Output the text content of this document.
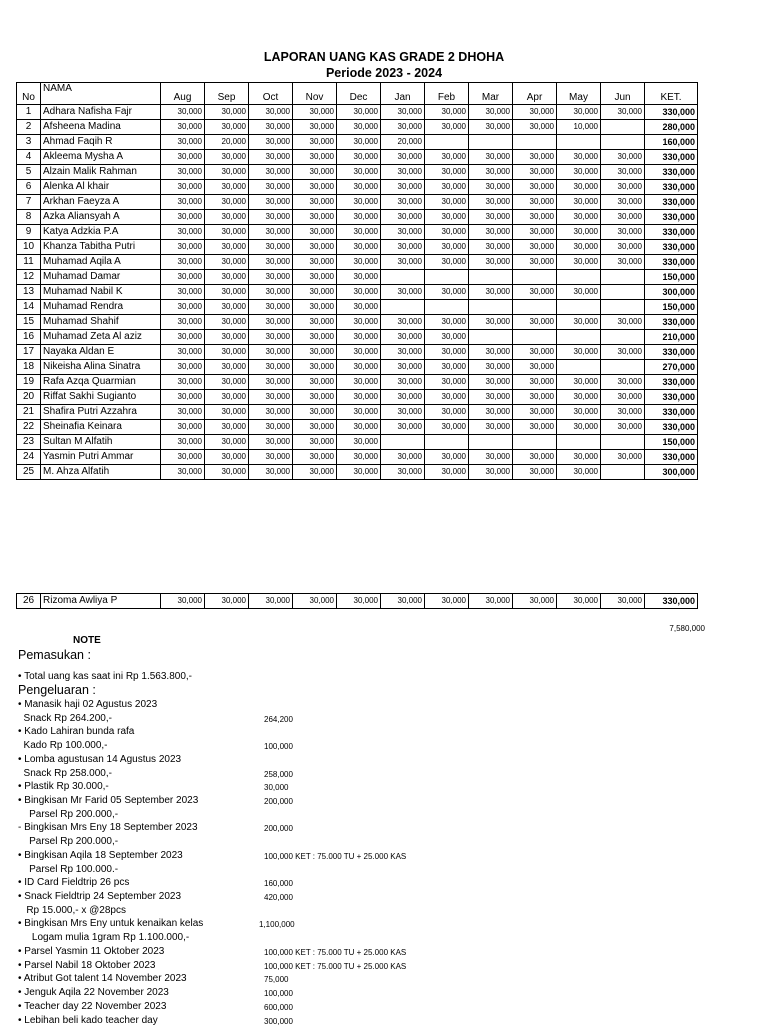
LAPORAN UANG KAS GRADE 2 DHOHA
Periode 2023 - 2024
No	NAMA	Aug	Sep	Oct	Nov	Dec	Jan	Feb	Mar	Apr	May	Jun	KET.
1	Adhara Nafisha Fajr	30,000	30,000	30,000	30,000	30,000	30,000	30,000	30,000	30,000	30,000	30,000	330,000
2	Afsheena Madina	30,000	30,000	30,000	30,000	30,000	30,000	30,000	30,000	30,000	10,000		280,000
3	Ahmad Faqih R	30,000	20,000	30,000	30,000	30,000	20,000						160,000
4	Akleema Mysha A	30,000	30,000	30,000	30,000	30,000	30,000	30,000	30,000	30,000	30,000	30,000	330,000
5	Alzain Malik Rahman	30,000	30,000	30,000	30,000	30,000	30,000	30,000	30,000	30,000	30,000	30,000	330,000
6	Alenka Al khair	30,000	30,000	30,000	30,000	30,000	30,000	30,000	30,000	30,000	30,000	30,000	330,000
7	Arkhan Faeyza A	30,000	30,000	30,000	30,000	30,000	30,000	30,000	30,000	30,000	30,000	30,000	330,000
8	Azka Aliansyah A	30,000	30,000	30,000	30,000	30,000	30,000	30,000	30,000	30,000	30,000	30,000	330,000
9	Katya Adzkia P.A	30,000	30,000	30,000	30,000	30,000	30,000	30,000	30,000	30,000	30,000	30,000	330,000
10	Khanza Tabitha Putri	30,000	30,000	30,000	30,000	30,000	30,000	30,000	30,000	30,000	30,000	30,000	330,000
11	Muhamad Aqila A	30,000	30,000	30,000	30,000	30,000	30,000	30,000	30,000	30,000	30,000	30,000	330,000
12	Muhamad Damar	30,000	30,000	30,000	30,000	30,000							150,000
13	Muhamad Nabil K	30,000	30,000	30,000	30,000	30,000	30,000	30,000	30,000	30,000	30,000		300,000
14	Muhamad Rendra	30,000	30,000	30,000	30,000	30,000							150,000
15	Muhamad Shahif	30,000	30,000	30,000	30,000	30,000	30,000	30,000	30,000	30,000	30,000	30,000	330,000
16	Muhamad Zeta Al aziz	30,000	30,000	30,000	30,000	30,000	30,000	30,000					210,000
17	Nayaka Aldan E	30,000	30,000	30,000	30,000	30,000	30,000	30,000	30,000	30,000	30,000	30,000	330,000
18	Nikeisha Alina Sinatra	30,000	30,000	30,000	30,000	30,000	30,000	30,000	30,000	30,000			270,000
19	Rafa Azqa Quarmian	30,000	30,000	30,000	30,000	30,000	30,000	30,000	30,000	30,000	30,000	30,000	330,000
20	Riffat Sakhi Sugianto	30,000	30,000	30,000	30,000	30,000	30,000	30,000	30,000	30,000	30,000	30,000	330,000
21	Shafira Putri Azzahra	30,000	30,000	30,000	30,000	30,000	30,000	30,000	30,000	30,000	30,000	30,000	330,000
22	Sheinafia Keinara	30,000	30,000	30,000	30,000	30,000	30,000	30,000	30,000	30,000	30,000	30,000	330,000
23	Sultan M Alfatih	30,000	30,000	30,000	30,000	30,000							150,000
24	Yasmin Putri Ammar	30,000	30,000	30,000	30,000	30,000	30,000	30,000	30,000	30,000	30,000	30,000	330,000
25	M. Ahza Alfatih	30,000	30,000	30,000	30,000	30,000	30,000	30,000	30,000	30,000	30,000		300,000
26	Rizoma Awliya P	30,000	30,000	30,000	30,000	30,000	30,000	30,000	30,000	30,000	30,000	30,000	330,000
7,580,000
NOTE
Pemasukan :
• Total uang kas saat ini Rp 1.563.800,-
Pengeluaran :
• Manasik haji 02 Agustus 2023
Snack Rp 264.200,-	264,200
• Kado Lahiran bunda rafa
Kado Rp 100.000,-	100,000
• Lomba agustusan 14 Agustus 2023
Snack Rp 258.000,-	258,000
• Plastik Rp 30.000,-	30,000
• Bingkisan Mr Farid 05 September 2023	200,000
Parsel Rp 200.000,-
- Bingkisan Mrs Eny 18 September 2023	200,000
Parsel Rp 200.000,-
• Bingkisan Aqila 18 September 2023	100,000 KET : 75.000 TU + 25.000 KAS
Parsel Rp 100.000.-
• ID Card Fieldtrip 26 pcs	160,000
• Snack Fieldtrip 24 September 2023	420,000
Rp 15.000,- x @28pcs
• Bingkisan Mrs Eny untuk kenaikan kelas	1,100,000
Logam mulia 1gram Rp 1.100.000,-
• Parsel Yasmin 11 Oktober 2023	100,000 KET : 75.000 TU + 25.000 KAS
• Parsel Nabil 18 Oktober 2023	100,000 KET : 75.000 TU + 25.000 KAS
• Atribut Got talent 14 November 2023	75,000
• Jenguk Aqila 22 November 2023	100,000
• Teacher day 22 November 2023	600,000
• Lebihan beli kado teacher day	300,000
